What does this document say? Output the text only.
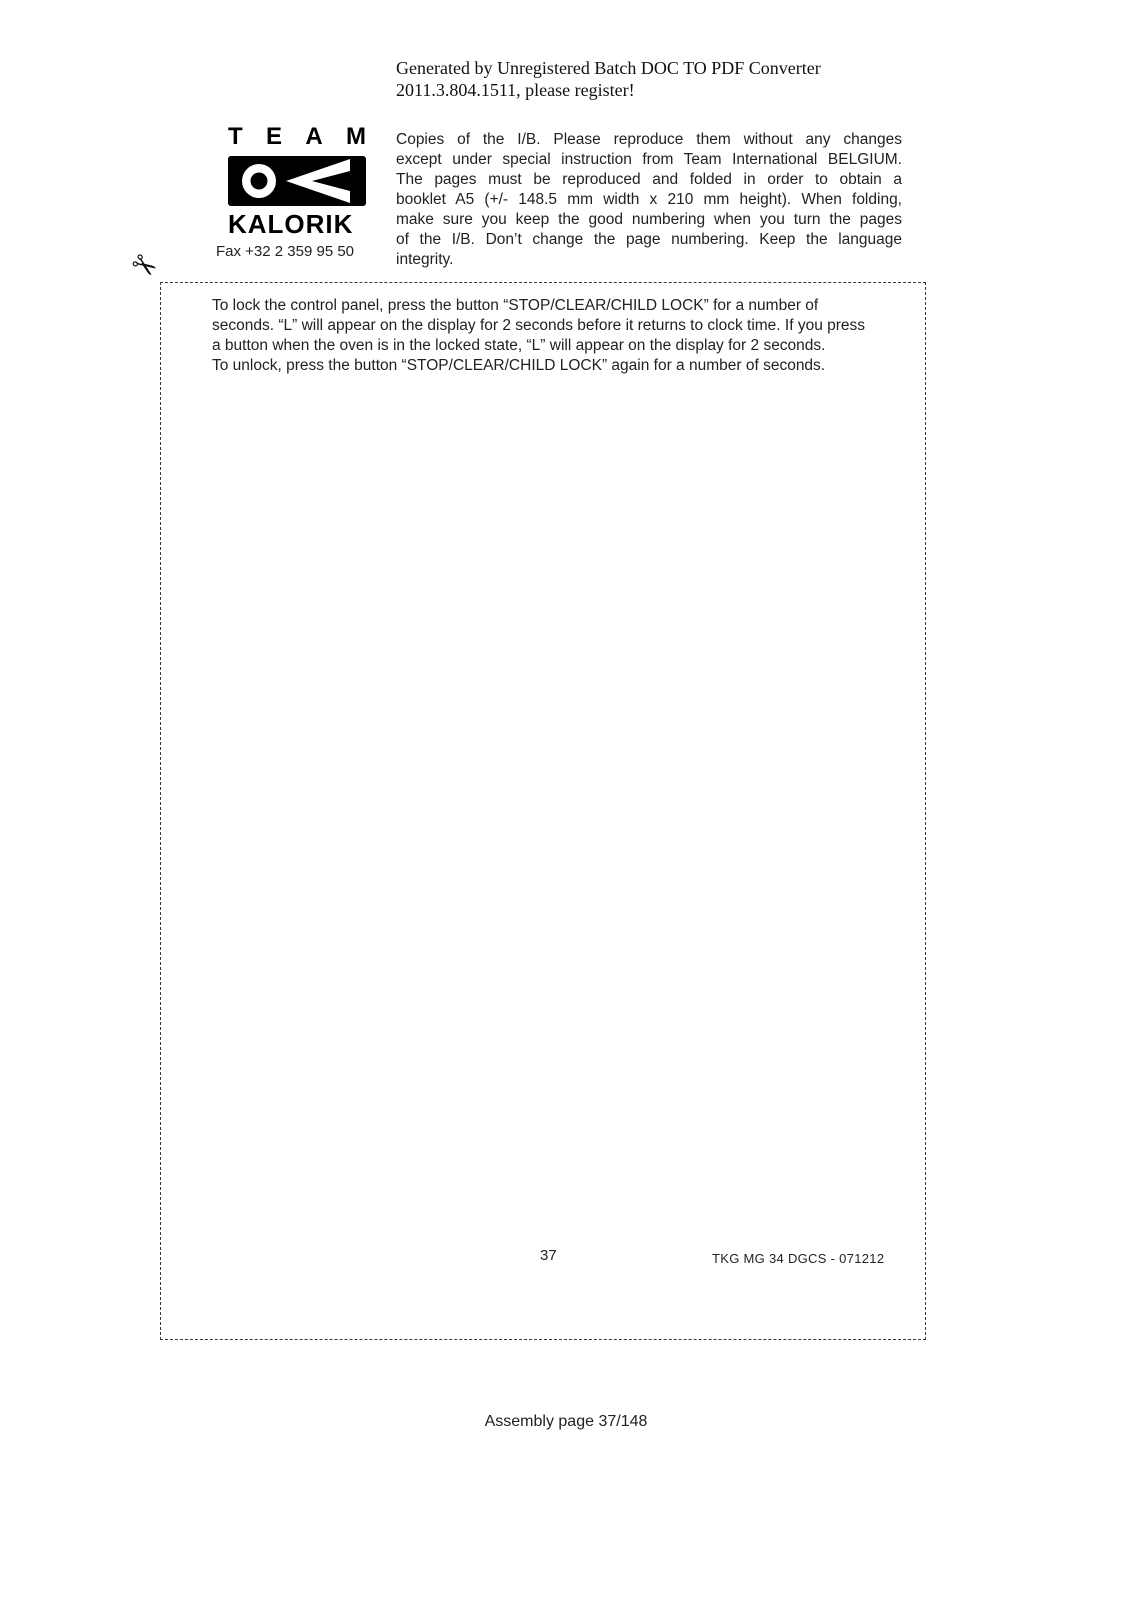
Generated by Unregistered Batch DOC TO PDF Converter
2011.3.804.1511, please register!
T E A M
KALORIK
Fax +32 2 359 95 50
Copies of the I/B. Please reproduce them without any changes
except under special instruction from Team International BELGIUM.
The pages must be reproduced and folded in order to obtain a
booklet A5 (+/- 148.5 mm width x 210 mm height). When folding,
make sure you keep the good numbering when you turn the pages
of the I/B. Don’t change the page numbering. Keep the language
integrity.
✂
To lock the control panel, press the button “STOP/CLEAR/CHILD LOCK” for a number of
seconds. “L” will appear on the display for 2 seconds before it returns to clock time. If you press
a button when the oven is in the locked state, “L” will appear on the display for 2 seconds.
To unlock, press the button “STOP/CLEAR/CHILD LOCK” again for a number of seconds.
37	TKG MG 34 DGCS - 071212
Assembly page 37/148
